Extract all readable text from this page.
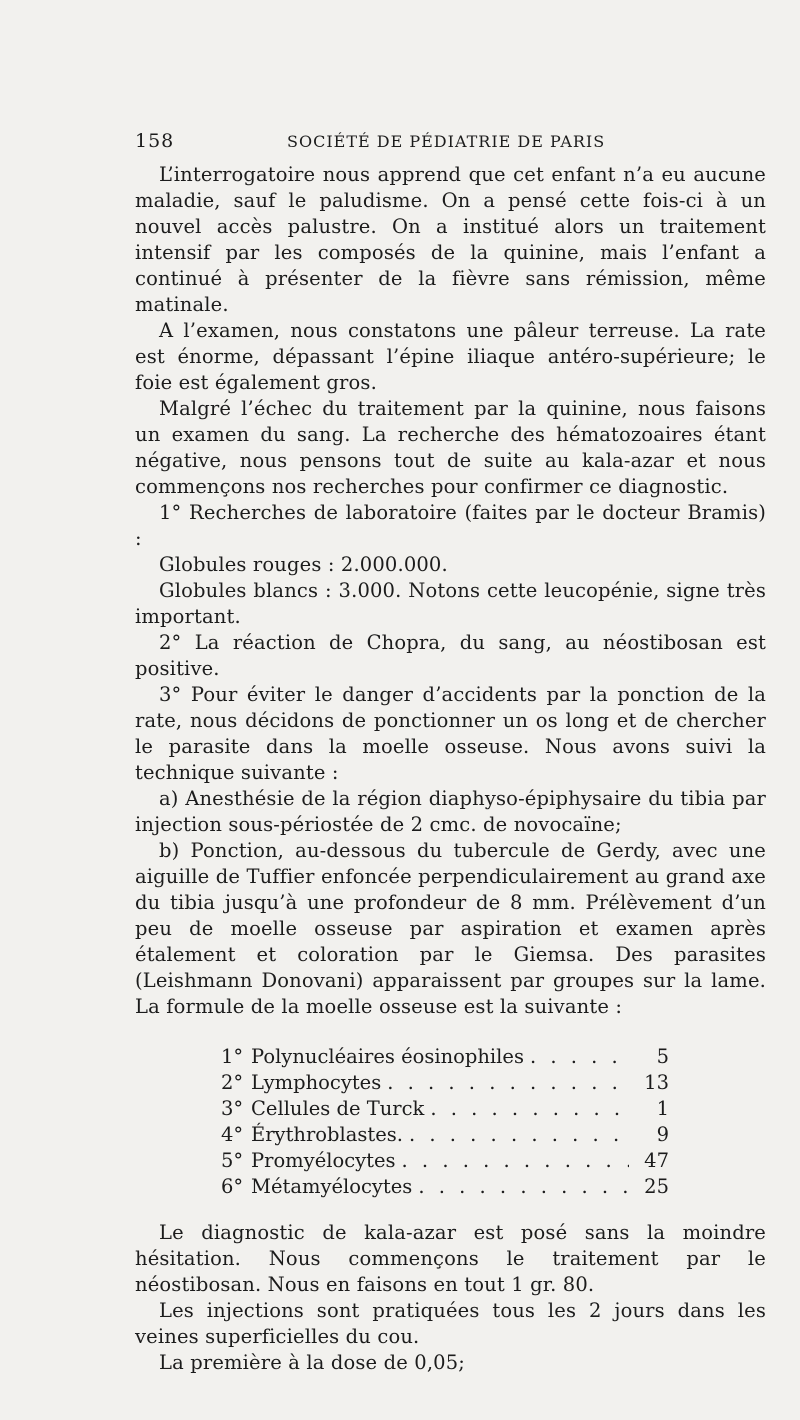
158	SOCIÉTÉ DE PÉDIATRIE DE PARIS

L’interrogatoire nous apprend que cet enfant n’a eu aucune maladie, sauf le paludisme. On a pensé cette fois-ci à un nouvel accès palustre. On a institué alors un traitement intensif par les composés de la quinine, mais l’enfant a continué à présenter de la fièvre sans rémission, même matinale.

A l’examen, nous constatons une pâleur terreuse. La rate est énorme, dépassant l’épine iliaque antéro-supérieure; le foie est également gros.

Malgré l’échec du traitement par la quinine, nous faisons un examen du sang. La recherche des hématozoaires étant négative, nous pensons tout de suite au kala-azar et nous commençons nos recherches pour confirmer ce diagnostic.

1° Recherches de laboratoire (faites par le docteur Bramis) :

Globules rouges : 2.000.000.

Globules blancs : 3.000. Notons cette leucopénie, signe très important.

2° La réaction de Chopra, du sang, au néostibosan est positive.

3° Pour éviter le danger d’accidents par la ponction de la rate, nous décidons de ponctionner un os long et de chercher le parasite dans la moelle osseuse. Nous avons suivi la technique suivante :

a) Anesthésie de la région diaphyso-épiphysaire du tibia par injection sous-périostée de 2 cmc. de novocaïne;

b) Ponction, au-dessous du tubercule de Gerdy, avec une aiguille de Tuffier enfoncée perpendiculairement au grand axe du tibia jusqu’à une profondeur de 8 mm. Prélèvement d’un peu de moelle osseuse par aspiration et examen après étalement et coloration par le Giemsa. Des parasites (Leishmann Donovani) apparaissent par groupes sur la lame. La formule de la moelle osseuse est la suivante :

1° Polynucléaires éosinophiles . . .	5
2° Lymphocytes . . .	13
3° Cellules de Turck . . .	1
4° Érythroblastes. . . .	9
5° Promyélocytes . . .	47
6° Métamyélocytes . . .	25

Le diagnostic de kala-azar est posé sans la moindre hésitation. Nous commençons le traitement par le néostibosan. Nous en faisons en tout 1 gr. 80.

Les injections sont pratiquées tous les 2 jours dans les veines superficielles du cou.

La première à la dose de 0,05;
